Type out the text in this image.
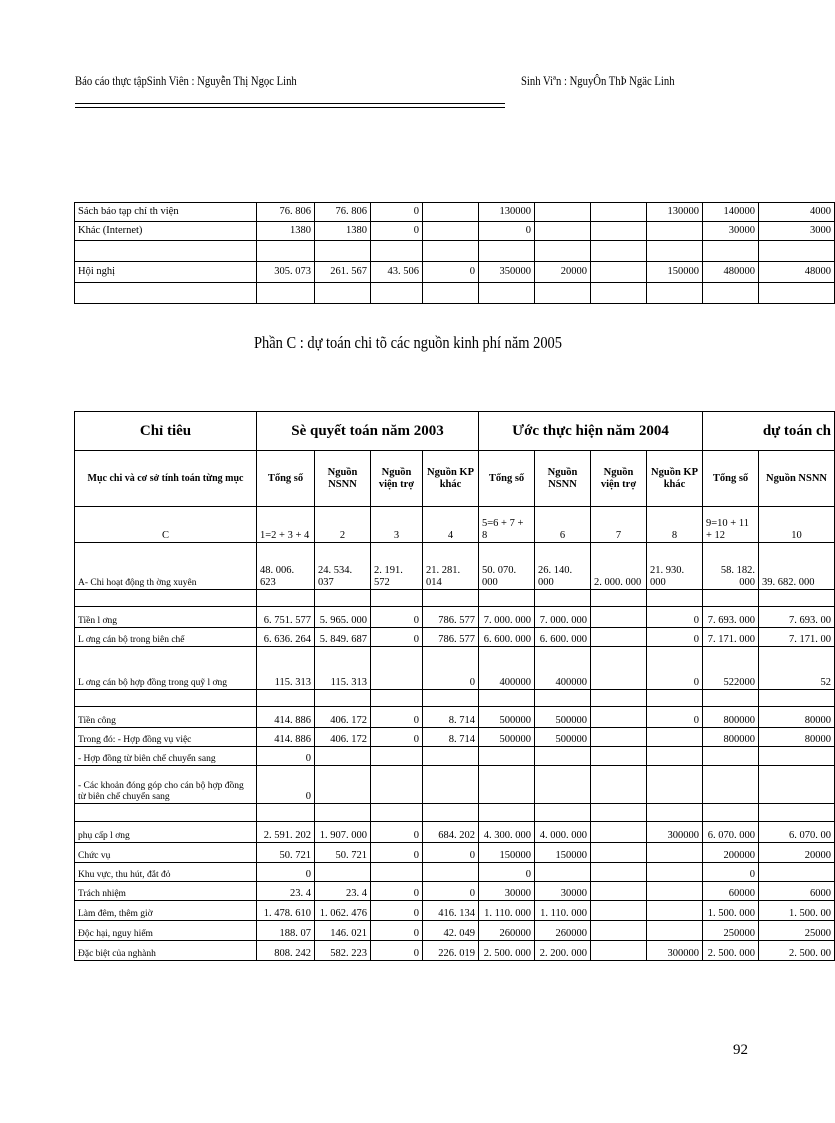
Báo cáo thực tậpSinh Viên : Nguyễn Thị Ngọc Linh	Sinh Viªn : NguyÔn ThÞ Ngäc Linh
Sách báo tạp chí th viện	76. 806	76. 806	0		130000			130000	140000	4000
Khác (Internet)	1380	1380	0		0				30000	3000

Hội nghị	305. 073	261. 567	43. 506	0	350000	20000		150000	480000	48000

Phần C : dự toán chi tõ các nguồn kinh phí năm 2005
Chỉ tiêu	Sè quyết toán năm 2003				Ước thực hiện năm 2004				dự toán ch	
Mục chi và cơ sở tính toán từng mục	Tổng số	Nguồn NSNN	Nguồn viện trợ	Nguồn KP khác	Tổng số	Nguồn NSNN	Nguồn viện trợ	Nguồn KP khác	Tổng số	Nguồn NSNN
C	1=2 + 3 + 4	2	3	4	5=6 + 7 + 8	6	7	8	9=10 + 11 + 12	10
A- Chi hoạt động th ờng xuyên	48. 006. 623	24. 534. 037	2. 191. 572	21. 281. 014	50. 070. 000	26. 140. 000	2. 000. 000	21. 930. 000	58. 182. 000	39. 682. 000

Tiền l ơng	6. 751. 577	5. 965. 000	0	786. 577	7. 000. 000	7. 000. 000		0	7. 693. 000	7. 693. 00
L ơng cán bộ trong biên chế	6. 636. 264	5. 849. 687	0	786. 577	6. 600. 000	6. 600. 000		0	7. 171. 000	7. 171. 00
L ơng cán bộ hợp đồng trong quỹ l ơng	115. 313	115. 313		0	400000	400000		0	522000	52

Tiền công	414. 886	406. 172	0	8. 714	500000	500000		0	800000	80000
Trong đó: - Hợp đồng vụ việc	414. 886	406. 172	0	8. 714	500000	500000			800000	80000
- Hợp đồng từ biên chế chuyển sang	0									
- Các khoản đóng góp cho cán bộ hợp đồng từ biên chế chuyển sang	0									

phụ cấp l ơng	2. 591. 202	1. 907. 000	0	684. 202	4. 300. 000	4. 000. 000		300000	6. 070. 000	6. 070. 00
Chức vụ	50. 721	50. 721	0	0	150000	150000			200000	20000
Khu vực, thu hút, đắt đỏ	0				0				0	
Trách nhiệm	23. 4	23. 4	0	0	30000	30000			60000	6000
Làm đêm, thêm giờ	1. 478. 610	1. 062. 476	0	416. 134	1. 110. 000	1. 110. 000			1. 500. 000	1. 500. 00
Độc hại, nguy hiểm	188. 07	146. 021	0	42. 049	260000	260000			250000	25000
Đặc biệt của nghành	808. 242	582. 223	0	226. 019	2. 500. 000	2. 200. 000		300000	2. 500. 000	2. 500. 00
92
